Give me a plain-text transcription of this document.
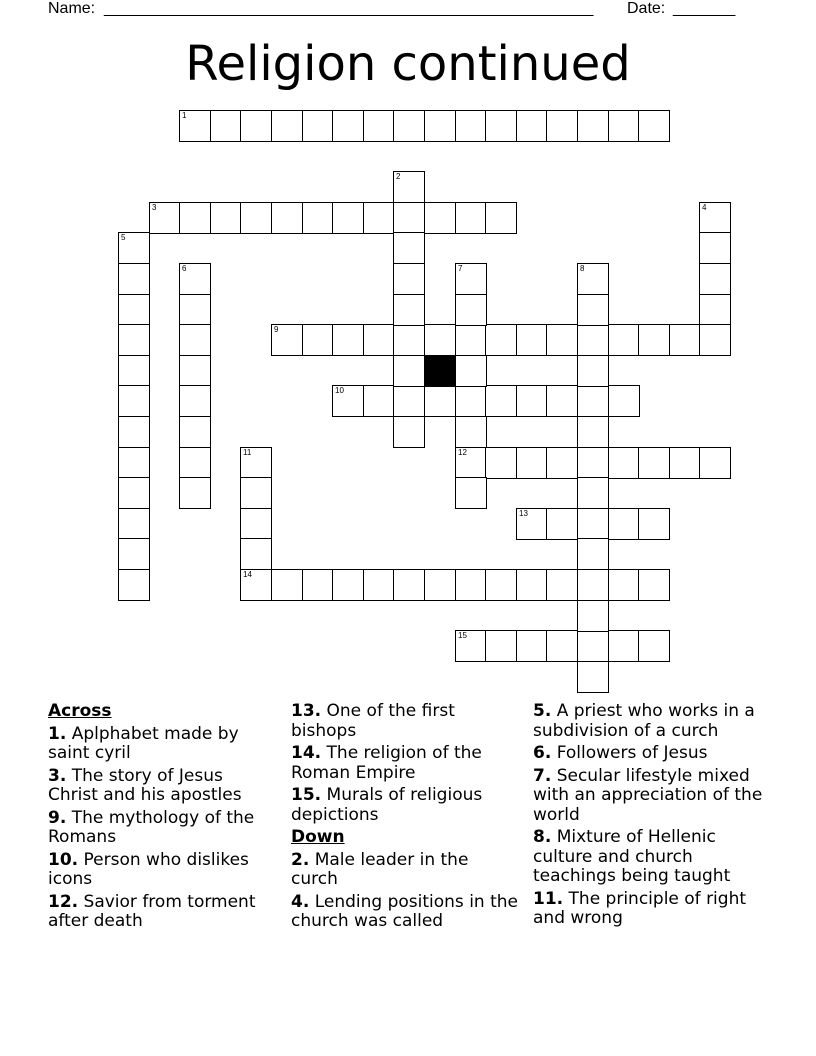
Name: _______________________________________________________ Date: _______
Religion continued
1
3
9
10
12
13
14
15
2
4
5
6	7	8
11
Across
1. Aplphabet made by saint cyril
3. The story of Jesus Christ and his apostles
9. The mythology of the Romans
10. Person who dislikes icons
12. Savior from torment after death
13. One of the first bishops
14. The religion of the Roman Empire
15. Murals of religious depictions
Down
2. Male leader in the curch
4. Lending positions in the church was called
5. A priest who works in a subdivision of a curch
6. Followers of Jesus
7. Secular lifestyle mixed with an appreciation of the world
8. Mixture of Hellenic culture and church teachings being taught
11. The principle of right and wrong
